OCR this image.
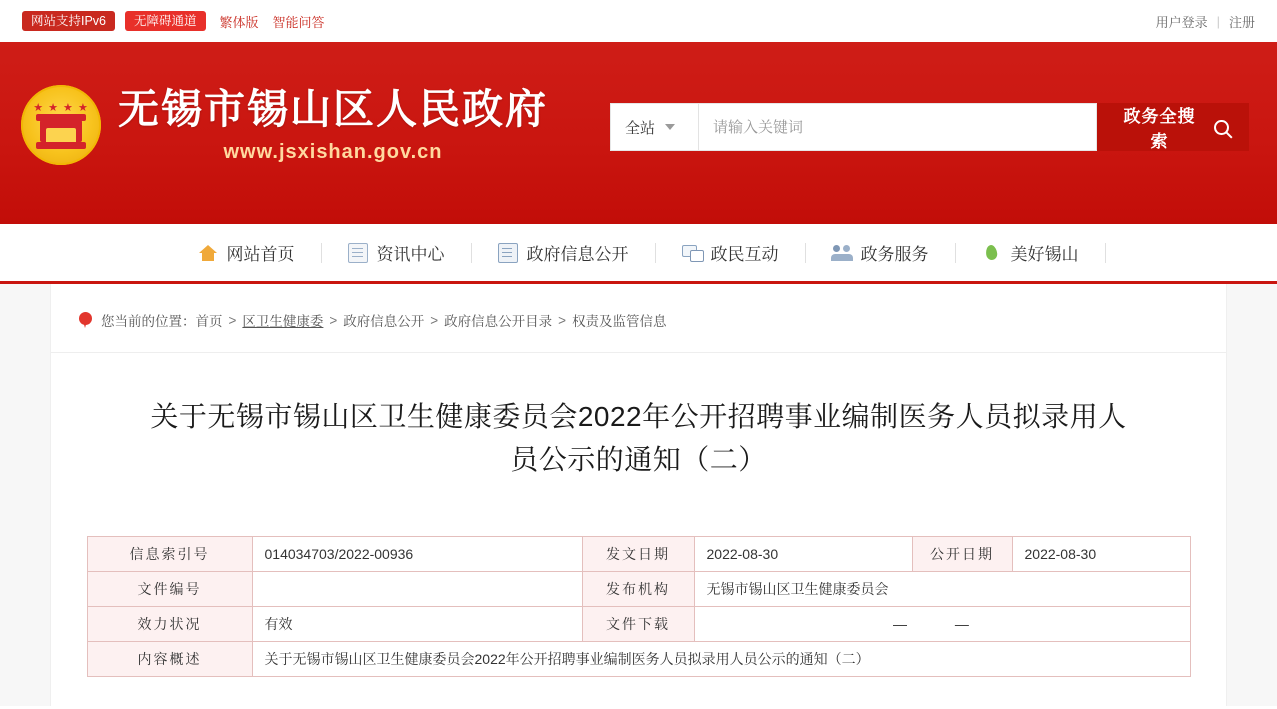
网站支持IPv6	无障碍通道	繁体版 智能问答	用户登录 | 注册
★ ★ ★ ★ 无锡市锡山区人民政府
www.jsxishan.gov.cn
全站
请输入关键词
政务全搜索
网站首页	资讯中心	政府信息公开	政民互动	政务服务	美好锡山
您当前的位置： 首页 > 区卫生健康委 > 政府信息公开 > 政府信息公开目录 > 权责及监管信息
关于无锡市锡山区卫生健康委员会2022年公开招聘事业编制医务人员拟录用人员公示的通知（二）
信息索引号	014034703/2022-00936	发文日期	2022-08-30	公开日期	2022-08-30
文件编号		发布机构	无锡市锡山区卫生健康委员会		
效力状况	有效	文件下载	— —		
内容概述	关于无锡市锡山区卫生健康委员会2022年公开招聘事业编制医务人员拟录用人员公示的通知（二）				
